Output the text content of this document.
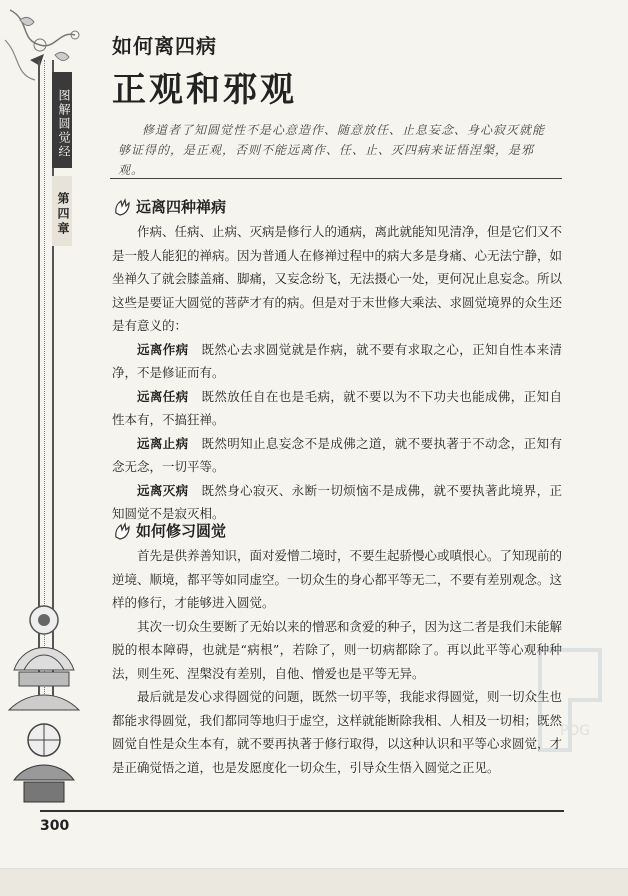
图解圆觉经
第四章
如何离四病
正观和邪观
修道者了知圆觉性不是心意造作、随意放任、止息妄念、身心寂灭就能够证得的，是正观，否则不能远离作、任、止、灭四病来证悟涅槃，是邪观。
远离四种禅病

作病、任病、止病、灭病是修行人的通病，离此就能知见清净，但是它们又不是一般人能犯的禅病。因为普通人在修禅过程中的病大多是身痛、心无法宁静，如坐禅久了就会膝盖痛、脚痛，又妄念纷飞，无法摄心一处，更何况止息妄念。所以这些是要证大圆觉的菩萨才有的病。但是对于末世修大乘法、求圆觉境界的众生还是有意义的：

远离作病　 既然心去求圆觉就是作病，就不要有求取之心，正知自性本来清净，不是修证而有。

远离任病　 既然放任自在也是毛病，就不要以为不下功夫也能成佛，正知自性本有，不搞狂禅。

远离止病　 既然明知止息妄念不是成佛之道，就不要执著于不动念，正知有念无念，一切平等。

远离灭病　 既然身心寂灭、永断一切烦恼不是成佛，就不要执著此境界，正知圆觉不是寂灭相。

如何修习圆觉

首先是供养善知识，面对爱憎二境时，不要生起骄慢心或嗔恨心。了知现前的逆境、顺境，都平等如同虚空。一切众生的身心都平等无二，不要有差别观念。这样的修行，才能够进入圆觉。

其次一切众生要断了无始以来的憎恶和贪爱的种子，因为这二者是我们未能解脱的根本障碍，也就是“病根”，若除了，则一切病都除了。再以此平等心观种种法，则生死、涅槃没有差别，自他、憎爱也是平等无异。

最后就是发心求得圆觉的问题，既然一切平等，我能求得圆觉，则一切众生也都能求得圆觉，我们都同等地归于虚空，这样就能断除我相、人相及一切相；既然圆觉自性是众生本有，就不要再执著于修行取得，以这种认识和平等心求圆觉，才是正确觉悟之道，也是发愿度化一切众生，引导众生悟入圆觉之正见。

PDG
300
